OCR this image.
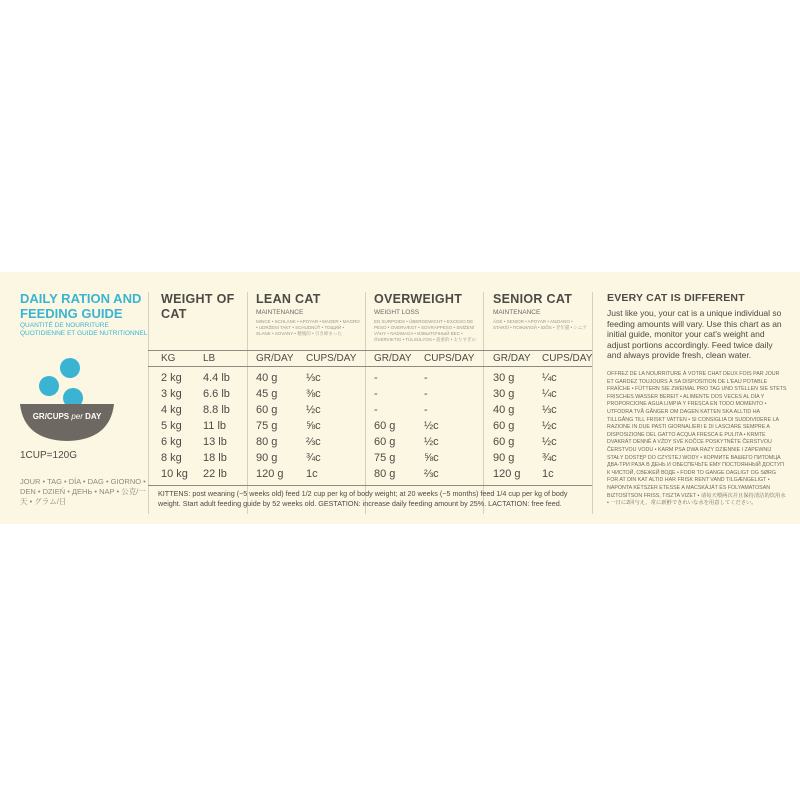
DAILY RATION AND FEEDING GUIDE
QUANTITÉ DE NOURRITURE QUOTIDIENNE ET GUIDE NUTRITIONNEL
GR/CUPS per DAY
1CUP=120G
JOUR • TAG • DÍA • DAG • GIORNO • DEN • DZIEŃ • ДЕНЬ • NAP • 公克/一天 • グラム/日
WEIGHT OF CAT
LEAN CAT
MAINTENANCE
MINCE • SCHLANK • APOYAR • MAGER • MAGRO • UDRŽENÍ TAKT • SCHUDNÚŤ • ТОЩИЙ • SLANK • SOVANY • 精瘦的 • 引き締まった
OVERWEIGHT
WEIGHT LOSS
EN SURPOIDS • ÜBERGEWICHT • EXCESO DE PESO • OVERVÆGT • SOVRAPPESO • SNÍŽENÍ VÁHY • NADWAGA • ИЗБЫТОЧНЫЙ ВЕС • ÖVERVIKTIG • TÚLSÚLYOS • 超重的 • 太りすぎの
SENIOR CAT
MAINTENANCE
ÂGÉ • SENIOR • APOYAR • ANZIANO • STARŠÍ • ПОЖИЛОЙ • IDŐS • 老年猫 • シニア
KG	LB	GR/DAY CUPS/DAY GR/DAY CUPS/DAY GR/DAY CUPS/DAY
2 kg 4.4 lb 40 g	⅓c	-	-	30 g	¼c
3 kg 6.6 lb 45 g	⅜c	-	-	30 g	¼c
4 kg 8.8 lb 60 g	½c	-	-	40 g	⅓c
5 kg 11 lb	75 g	⅝c	60 g	½c	60 g	½c
6 kg 13 lb	80 g	⅔c	60 g	½c	60 g	½c
8 kg 18 lb	90 g	¾c	75 g	⅝c	90 g	¾c
10 kg 22 lb	120 g 1c	80 g	⅔c	120 g 1c
KITTENS: post weaning (~5 weeks old) feed 1/2 cup per kg of body weight; at 20 weeks (~5 months) feed 1/4 cup per kg of body weight. Start adult feeding guide by 52 weeks old. GESTATION: increase daily feeding amount by 25%. LACTATION: free feed.
EVERY CAT IS DIFFERENT
Just like you, your cat is a unique individual so feeding amounts will vary. Use this chart as an initial guide, monitor your cat's weight and adjust portions accordingly. Feed twice daily and always provide fresh, clean water.
OFFREZ DE LA NOURRITURE À VOTRE CHAT DEUX FOIS PAR JOUR ET GARDEZ TOUJOURS À SA DISPOSITION DE L'EAU POTABLE FRAÎCHE • FÜTTERN SIE ZWEIMAL PRO TAG UND STELLEN SIE STETS FRISCHES WASSER BEREIT • ALIMENTE DOS VECES AL DÍA Y PROPORCIONE AGUA LIMPIA Y FRESCA EN TODO MOMENTO • UTFODRA TVÅ GÅNGER OM DAGEN KATTEN SKA ALLTID HA TILLGÅNG TILL FRISKT VATTEN • SI CONSIGLIA DI SUDDIVIDERE LA RAZIONE IN DUE PASTI GIORNALIERI E DI LASCIARE SEMPRE A DISPOSIZIONE DEL GATTO ACQUA FRESCA E PULITA • KRMTE DVAKRÁT DENNĚ A VŽDY SVÉ KOČCE POSKYTNĚTE ČERSTVOU ČERSTVOU VODU • KARM PSA DWA RAZY DZIENNIE I ZAPEWNIJ STAŁY DOSTĘP DO CZYSTEJ WODY • КОРМИТЕ ВАШЕГО ПИТОМЦА ДВА-ТРИ РАЗА В ДЕНЬ И ОБЕСПЕЧЬТЕ ЕМУ ПОСТОЯННЫЙ ДОСТУП К ЧИСТОЙ, СВЕЖЕЙ ВОДЕ • FODR TO GANGE DAGLIGT OG SØRG FOR AT DIN KAT ALTID HAR FRISK RENT VAND TILGÆNGELIGT • NAPONTA KÉTSZER ETESSE A MACSKÁJÁT ÉS FOLYAMATOSAN BIZTOSÍTSON FRISS, TISZTA VIZET • 请每天喂两次并且保持清洁的饮用水 • 一日に2回与え、常に新鮮できれいな水を用意してください。
